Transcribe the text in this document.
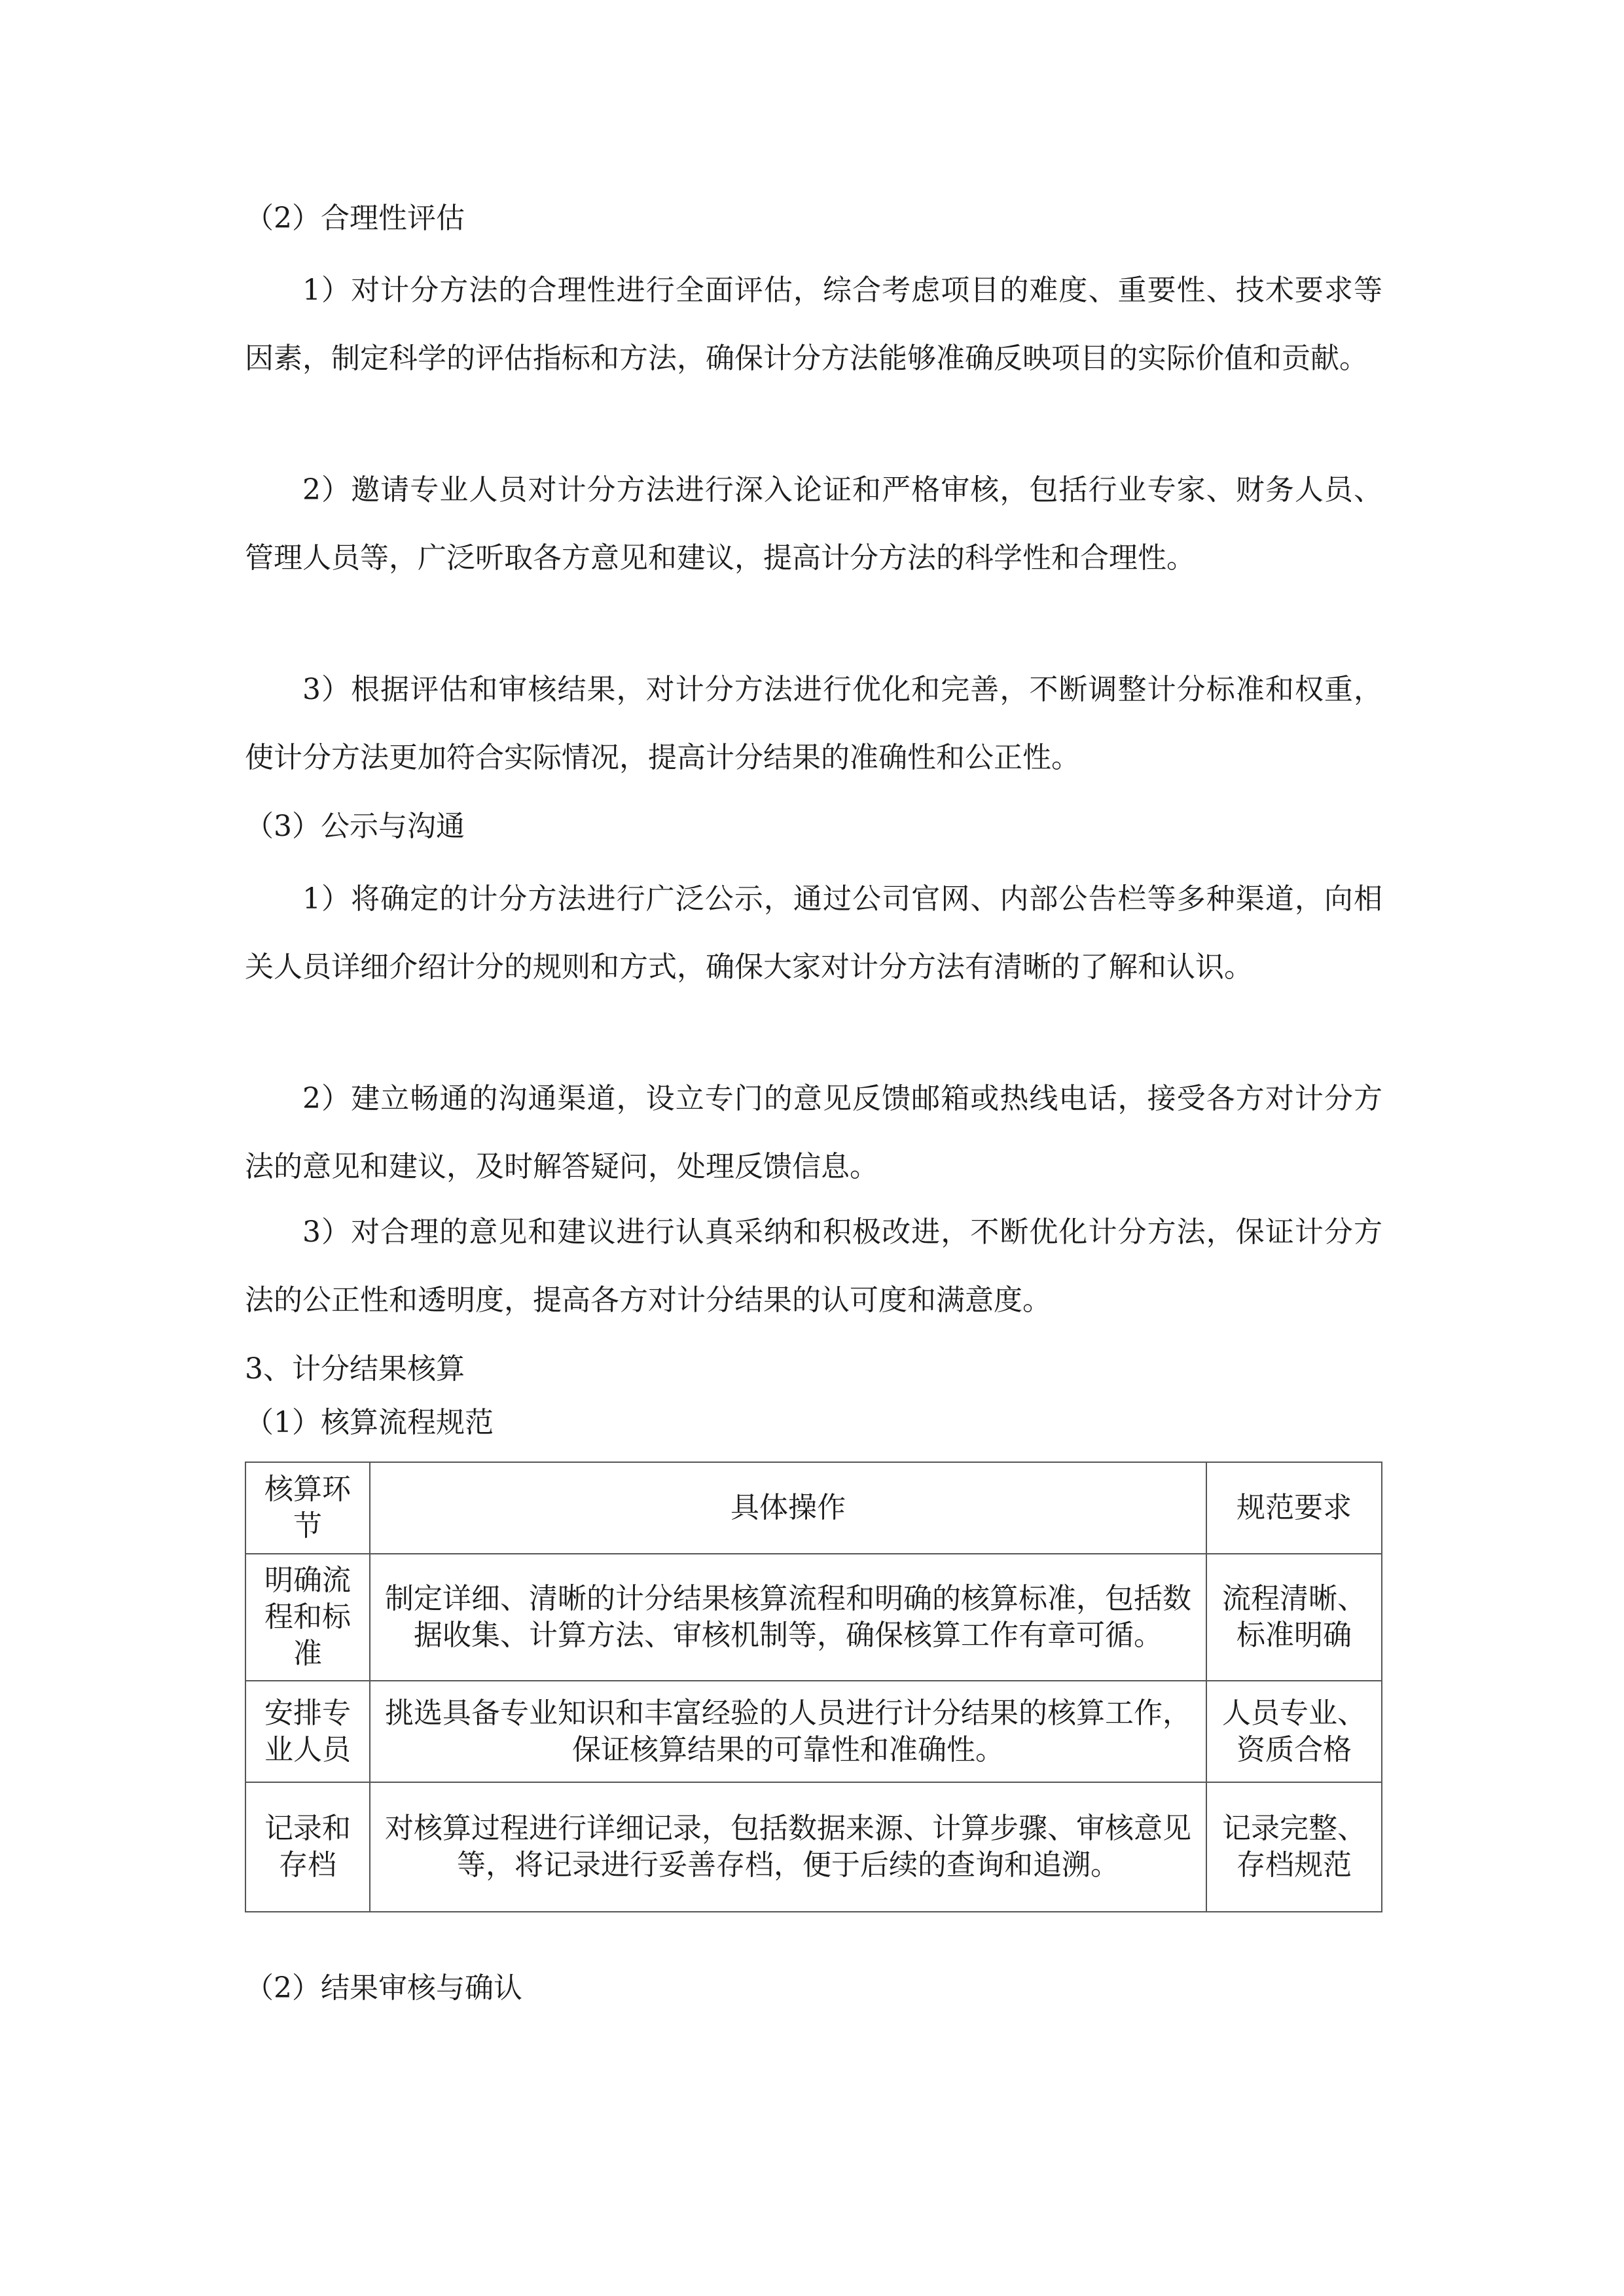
（2）合理性评估

1）对计分方法的合理性进行全面评估，综合考虑项目的难度、重要性、技术要求等因素，制定科学的评估指标和方法，确保计分方法能够准确反映项目的实际价值和贡献。

2）邀请专业人员对计分方法进行深入论证和严格审核，包括行业专家、财务人员、管理人员等，广泛听取各方意见和建议，提高计分方法的科学性和合理性。

3）根据评估和审核结果，对计分方法进行优化和完善，不断调整计分标准和权重，使计分方法更加符合实际情况，提高计分结果的准确性和公正性。

（3）公示与沟通

1）将确定的计分方法进行广泛公示，通过公司官网、内部公告栏等多种渠道，向相关人员详细介绍计分的规则和方式，确保大家对计分方法有清晰的了解和认识。

2）建立畅通的沟通渠道，设立专门的意见反馈邮箱或热线电话，接受各方对计分方法的意见和建议，及时解答疑问，处理反馈信息。

3）对合理的意见和建议进行认真采纳和积极改进，不断优化计分方法，保证计分方法的公正性和透明度，提高各方对计分结果的认可度和满意度。

3、计分结果核算
（1）核算流程规范
核算环节	具体操作	规范要求
明确流程和标准	制定详细、清晰的计分结果核算流程和明确的核算标准，包括数据收集、计算方法、审核机制等，确保核算工作有章可循。	流程清晰、标准明确
安排专业人员	挑选具备专业知识和丰富经验的人员进行计分结果的核算工作，保证核算结果的可靠性和准确性。	人员专业、资质合格
记录和存档	对核算过程进行详细记录，包括数据来源、计算步骤、审核意见等，将记录进行妥善存档，便于后续的查询和追溯。	记录完整、存档规范
（2）结果审核与确认
